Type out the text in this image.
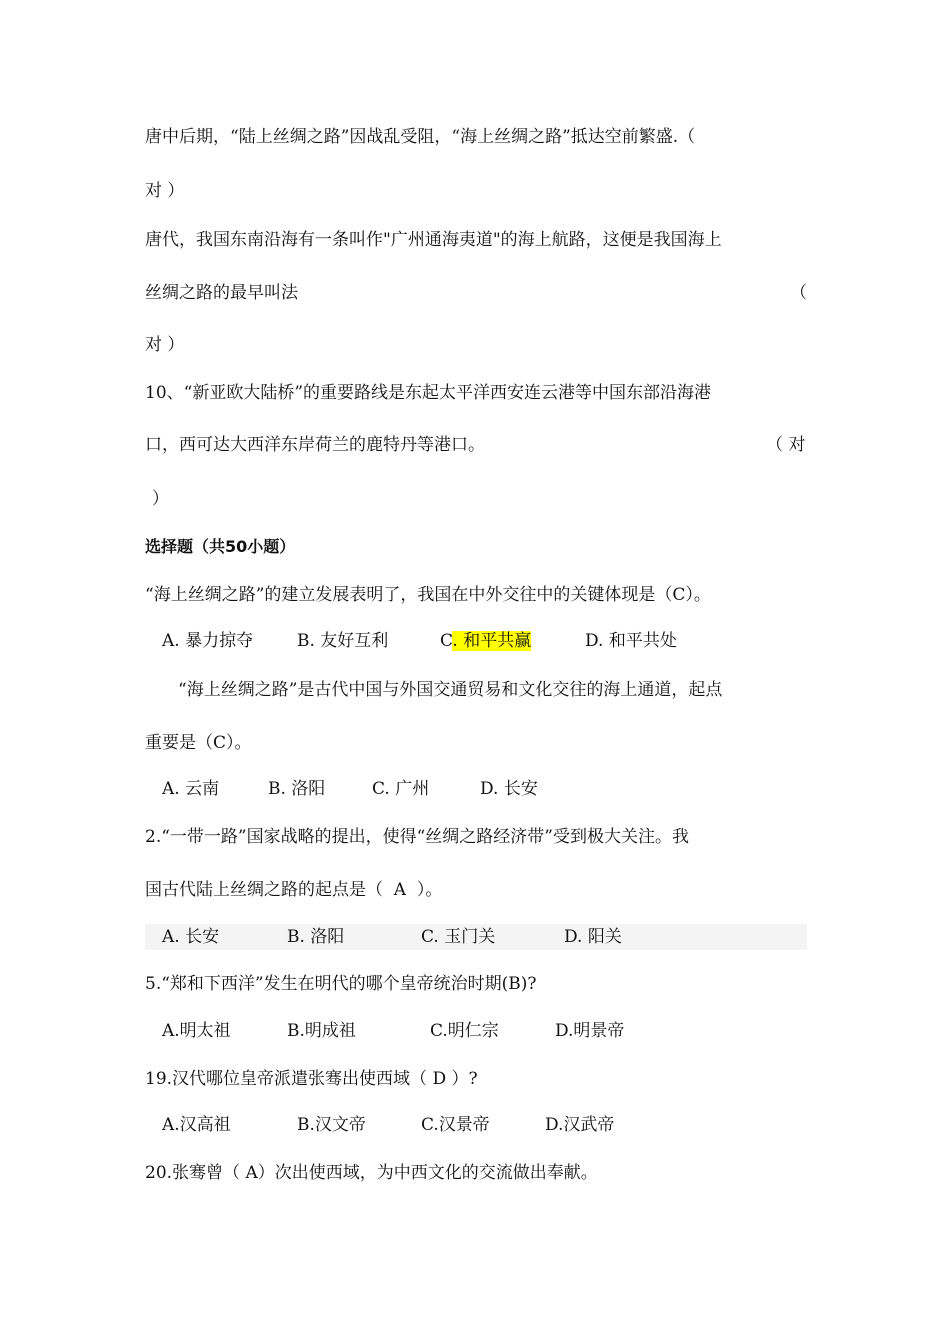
唐中后期，“陆上丝绸之路”因战乱受阻，“海上丝绸之路”抵达空前繁盛.（
对 ）
唐代，我国东南沿海有一条叫作"广州通海夷道"的海上航路，这便是我国海上
丝绸之路的最早叫法	（
对 ）
10、“新亚欧大陆桥”的重要路线是东起太平洋西安连云港等中国东部沿海港
口，西可达大西洋东岸荷兰的鹿特丹等港口。	（ 对
）
选择题（共50小题）
“海上丝绸之路”的建立发展表明了，我国在中外交往中的关键体现是（C）。
A. 暴力掠夺	B. 友好互利	C. 和平共赢	D. 和平共处
“海上丝绸之路”是古代中国与外国交通贸易和文化交往的海上通道，起点
重要是（C）。
A. 云南	B. 洛阳	C. 广州	D. 长安
2.“一带一路”国家战略的提出，使得“丝绸之路经济带”受到极大关注。我
国古代陆上丝绸之路的起点是（  A  ）。
A. 长安	B. 洛阳	C. 玉门关	D. 阳关
5.“郑和下西洋”发生在明代的哪个皇帝统治时期(B)?
A.明太祖	B.明成祖	C.明仁宗	D.明景帝
19.汉代哪位皇帝派遣张骞出使西域（ D ）?
A.汉高祖	B.汉文帝	C.汉景帝	D.汉武帝
20.张骞曾（ A）次出使西域，为中西文化的交流做出奉献。
